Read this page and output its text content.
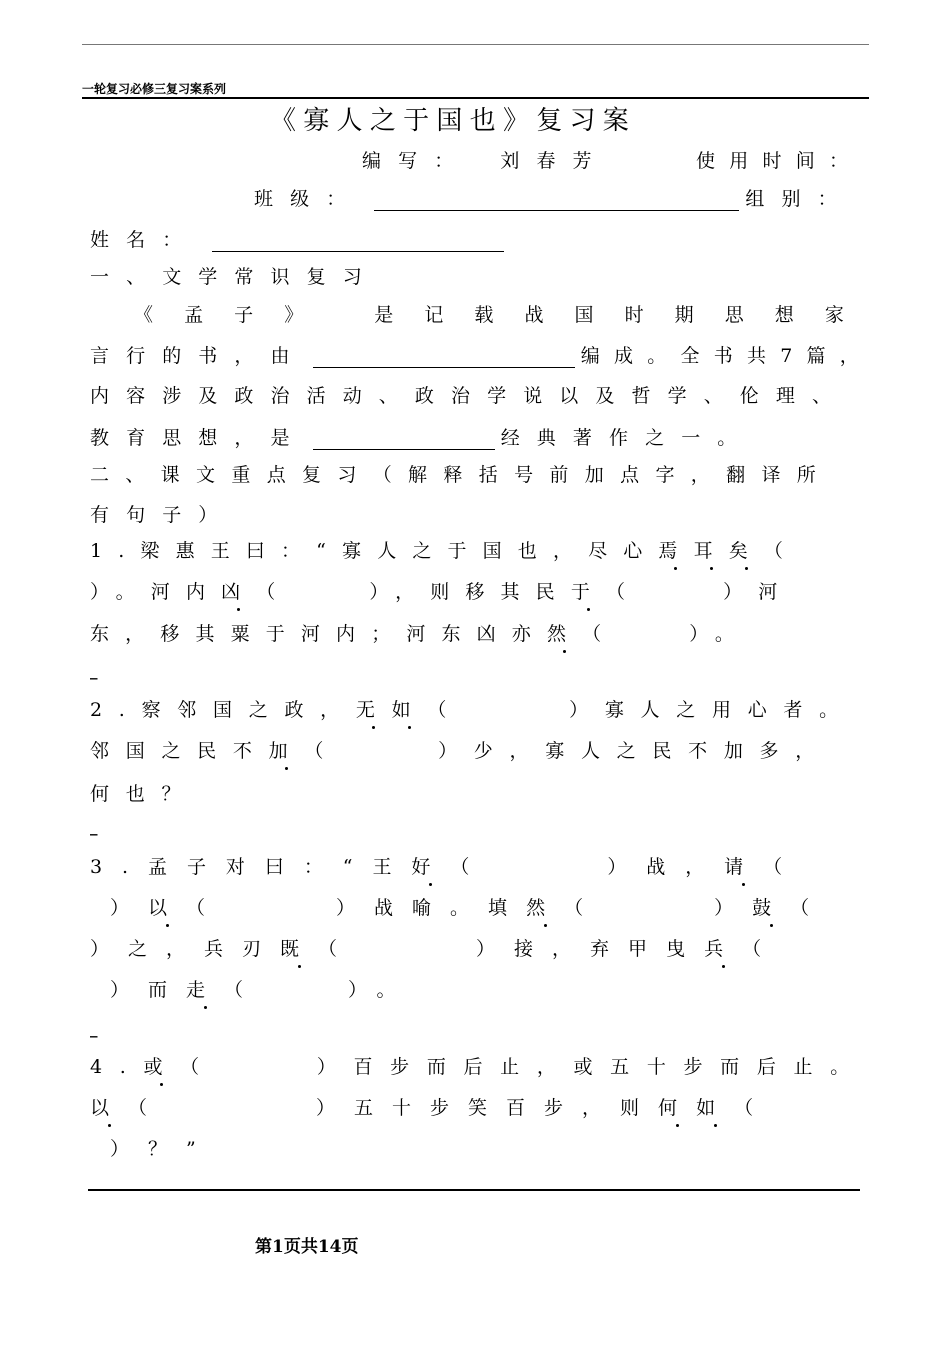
一轮复习必修三复习案系列
《寡人之于国也》复习案
编写： 刘春芳	使用时间：
班级：	组别：
姓名：
一、文学常识复习
《 孟 子 》	是 记 载 战 国 时 期 思 想 家
言行的书，由	编成。全书共7篇，
内容涉及政治活动、政治学说以及哲学、伦理、
教育思想，是	经典著作之一。
二、课文重点复习（解释括号前加点字，翻译所
有句子）
1.梁惠王曰：“寡人之于国也，尽心焉耳矣（
）。河内凶（	），则移其民于（	）河
东，移其粟于河内；河东凶亦然（	）。
_
2.察邻国之政，无如（	）寡人之用心者。
邻国之民不加（	）少，寡人之民不加多，
何也？
_
3.孟子对曰：“王好（	）战，请（
）以（	）战喻。填然（	）鼓（
）之，兵刃既（	）接，弃甲曳兵（
）而走（	）。
_
4.或（	）百步而后止，或五十步而后止。
以（	）五十步笑百步，则何如（
）？”
第1页共14页
